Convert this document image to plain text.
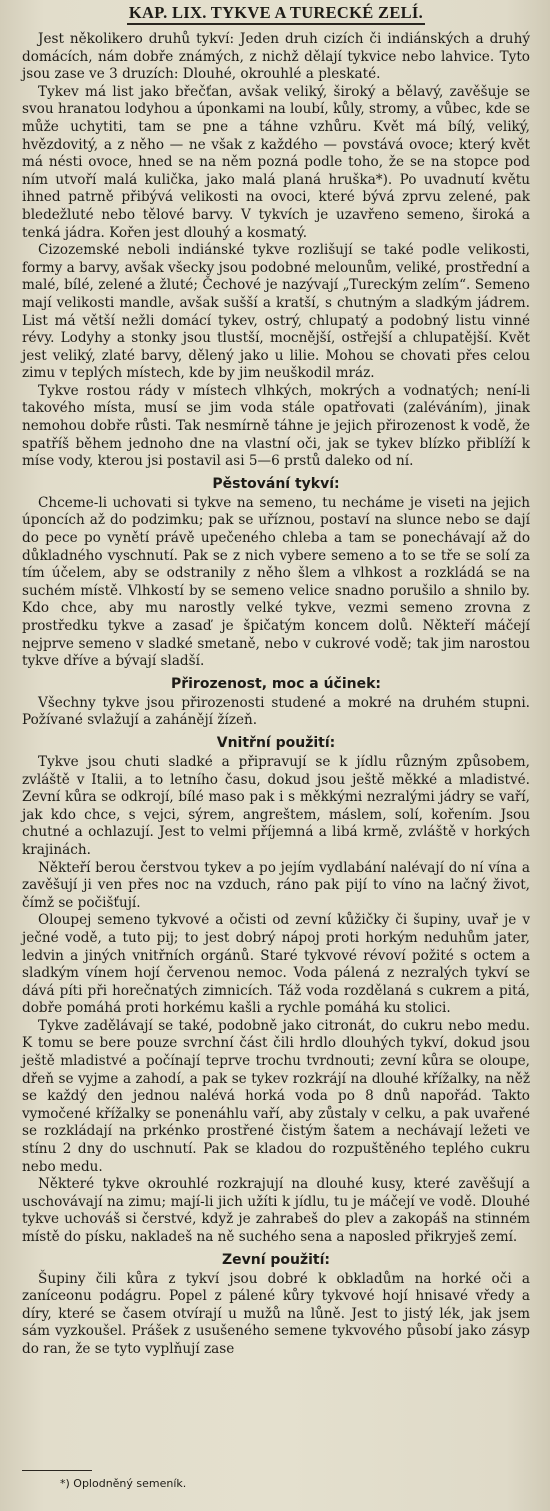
KAP. LIX. TYKVE A TURECKÉ ZELÍ.

Jest několikero druhů tykví: Jeden druh cizích či indiánských a druhý domácích, nám dobře známých, z nichž dělají tykvice nebo lahvice. Tyto jsou zase ve 3 druzích: Dlouhé, okrouhlé a pleskaté.

Tykev má list jako břečťan, avšak veliký, široký a bělavý, zavěšuje se svou hranatou lodyhou a úponkami na loubí, kůly, stromy, a vůbec, kde se může uchytiti, tam se pne a táhne vzhůru. Květ má bílý, veliký, hvězdovitý, a z něho — ne však z každého — povstává ovoce; který květ má nésti ovoce, hned se na něm pozná podle toho, že se na stopce pod ním utvoří malá kulička, jako malá planá hruška*). Po uvadnutí květu ihned patrně přibývá velikosti na ovoci, které bývá zprvu zelené, pak bledežluté nebo tělové barvy. V tykvích je uzavřeno semeno, široká a tenká jádra. Kořen jest dlouhý a kosmatý.

Cizozemské neboli indiánské tykve rozlišují se také podle velikosti, formy a barvy, avšak všecky jsou podobné melounům, veliké, prostřední a malé, bílé, zelené a žluté; Čechové je nazývají „Tureckým zelím“. Semeno mají velikosti mandle, avšak sušší a kratší, s chutným a sladkým jádrem. List má větší nežli domácí tykev, ostrý, chlupatý a podobný listu vinné révy. Lodyhy a stonky jsou tlustší, mocnější, ostřejší a chlupatější. Květ jest veliký, zlaté barvy, dělený jako u lilie. Mohou se chovati přes celou zimu v teplých místech, kde by jim neuškodil mráz.

Tykve rostou rády v místech vlhkých, mokrých a vodnatých; není-li takového místa, musí se jim voda stále opatřovati (zaléváním), jinak nemohou dobře růsti. Tak nesmírně táhne je jejich přirozenost k vodě, že spatříš během jednoho dne na vlastní oči, jak se tykev blízko přiblíží k míse vody, kterou jsi postavil asi 5—6 prstů daleko od ní.

Pěstování tykví:

Chceme-li uchovati si tykve na semeno, tu necháme je viseti na jejich úponcích až do podzimku; pak se uříznou, postaví na slunce nebo se dají do pece po vynětí právě upečeného chleba a tam se ponechávají až do důkladného vyschnutí. Pak se z nich vybere semeno a to se tře se solí za tím účelem, aby se odstranily z něho šlem a vlhkost a rozkládá se na suchém místě. Vlhkostí by se semeno velice snadno porušilo a shnilo by. Kdo chce, aby mu narostly velké tykve, vezmi semeno zrovna z prostředku tykve a zasaď je špičatým koncem dolů. Někteří máčejí nejprve semeno v sladké smetaně, nebo v cukrové vodě; tak jim narostou tykve dříve a bývají sladší.

Přirozenost, moc a účinek:

Všechny tykve jsou přirozenosti studené a mokré na druhém stupni. Požívané svlažují a zahánějí žízeň.

Vnitřní použití:

Tykve jsou chuti sladké a připravují se k jídlu různým způsobem, zvláště v Italii, a to letního času, dokud jsou ještě měkké a mladistvé. Zevní kůra se odkrojí, bílé maso pak i s měkkými nezralými jádry se vaří, jak kdo chce, s vejci, sýrem, angreštem, máslem, solí, kořením. Jsou chutné a ochlazují. Jest to velmi příjemná a libá krmě, zvláště v horkých krajinách.

Někteří berou čerstvou tykev a po jejím vydlabání nalévají do ní vína a zavěšují ji ven přes noc na vzduch, ráno pak pijí to víno na lačný život, čímž se počišťují.

Oloupej semeno tykvové a očisti od zevní kůžičky či šupiny, uvař je v ječné vodě, a tuto pij; to jest dobrý nápoj proti horkým neduhům jater, ledvin a jiných vnitřních orgánů. Staré tykvové révoví požité s octem a sladkým vínem hojí červenou nemoc. Voda pálená z nezralých tykví se dává píti při horečnatých zimnicích. Táž voda rozdělaná s cukrem a pitá, dobře pomáhá proti horkému kašli a rychle pomáhá ku stolici.

Tykve zadělávají se také, podobně jako citronát, do cukru nebo medu. K tomu se bere pouze svrchní část čili hrdlo dlouhých tykví, dokud jsou ještě mladistvé a počínají teprve trochu tvrdnouti; zevní kůra se oloupe, dřeň se vyjme a zahodí, a pak se tykev rozkrájí na dlouhé křížalky, na něž se každý den jednou nalévá horká voda po 8 dnů napořád. Takto vymočené křížalky se ponenáhlu vaří, aby zůstaly v celku, a pak uvařené se rozkládají na prkénko prostřené čistým šatem a nechávají ležeti ve stínu 2 dny do uschnutí. Pak se kladou do rozpuštěného teplého cukru nebo medu.

Některé tykve okrouhlé rozkrajují na dlouhé kusy, které zavěšují a uschovávají na zimu; mají-li jich užíti k jídlu, tu je máčejí ve vodě. Dlouhé tykve uchováš si čerstvé, když je zahrabeš do plev a zakopáš na stinném místě do písku, nakladeš na ně suchého sena a naposled přikryješ zemí.

Zevní použití:

Šupiny čili kůra z tykví jsou dobré k obkladům na horké oči a zaníceonu podágru. Popel z pálené kůry tykvové hojí hnisavé vředy a díry, které se časem otvírají u mužů na lůně. Jest to jistý lék, jak jsem sám vyzkoušel. Prášek z usušeného semene tykvového působí jako zásyp do ran, že se tyto vyplňují zase

*) Oplodněný semeník.
